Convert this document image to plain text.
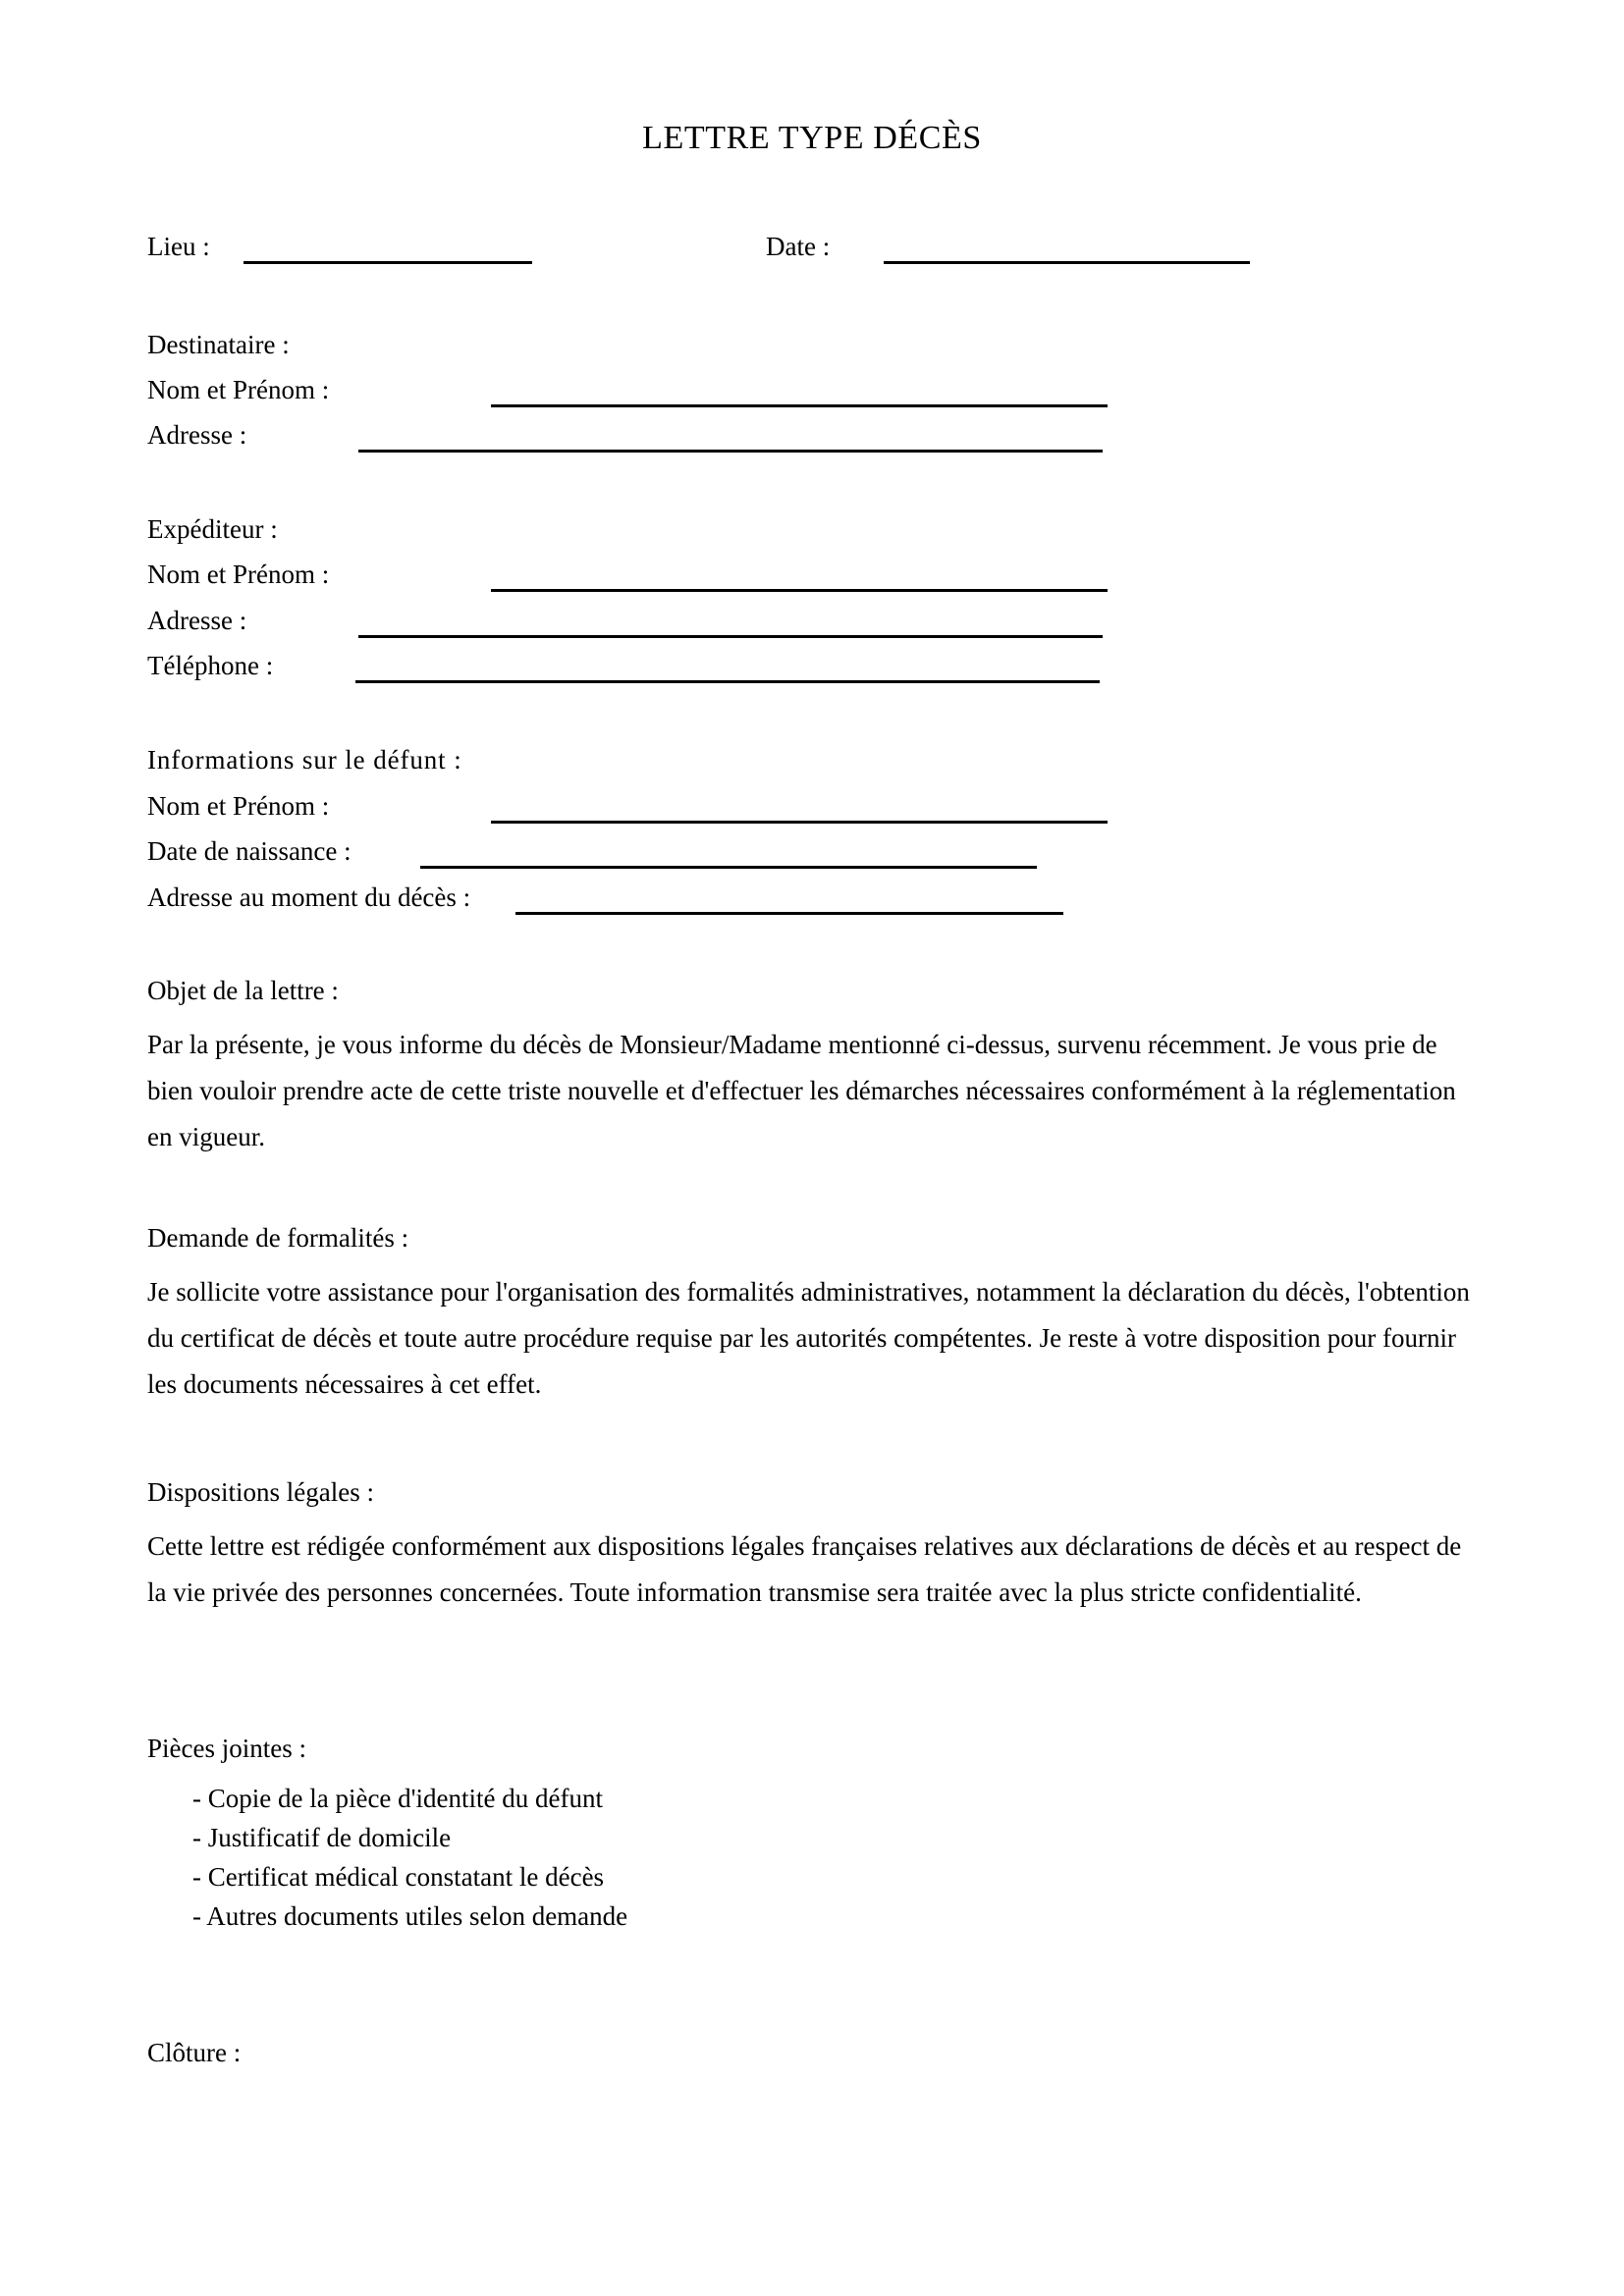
LETTRE TYPE DÉCÈS
Lieu :	Date :
Destinataire :
Nom et Prénom :
Adresse :
Expéditeur :
Nom et Prénom :
Adresse :
Téléphone :
Informations sur le défunt :
Nom et Prénom :
Date de naissance :
Adresse au moment du décès :
Objet de la lettre :
Par la présente, je vous informe du décès de Monsieur/Madame mentionné ci-dessus, survenu récemment. Je vous prie de bien vouloir prendre acte de cette triste nouvelle et d'effectuer les démarches nécessaires conformément à la réglementation en vigueur.
Demande de formalités :
Je sollicite votre assistance pour l'organisation des formalités administratives, notamment la déclaration du décès, l'obtention du certificat de décès et toute autre procédure requise par les autorités compétentes. Je reste à votre disposition pour fournir les documents nécessaires à cet effet.
Dispositions légales :
Cette lettre est rédigée conformément aux dispositions légales françaises relatives aux déclarations de décès et au respect de la vie privée des personnes concernées. Toute information transmise sera traitée avec la plus stricte confidentialité.
Pièces jointes :
- Copie de la pièce d'identité du défunt
- Justificatif de domicile
- Certificat médical constatant le décès
- Autres documents utiles selon demande
Clôture :
